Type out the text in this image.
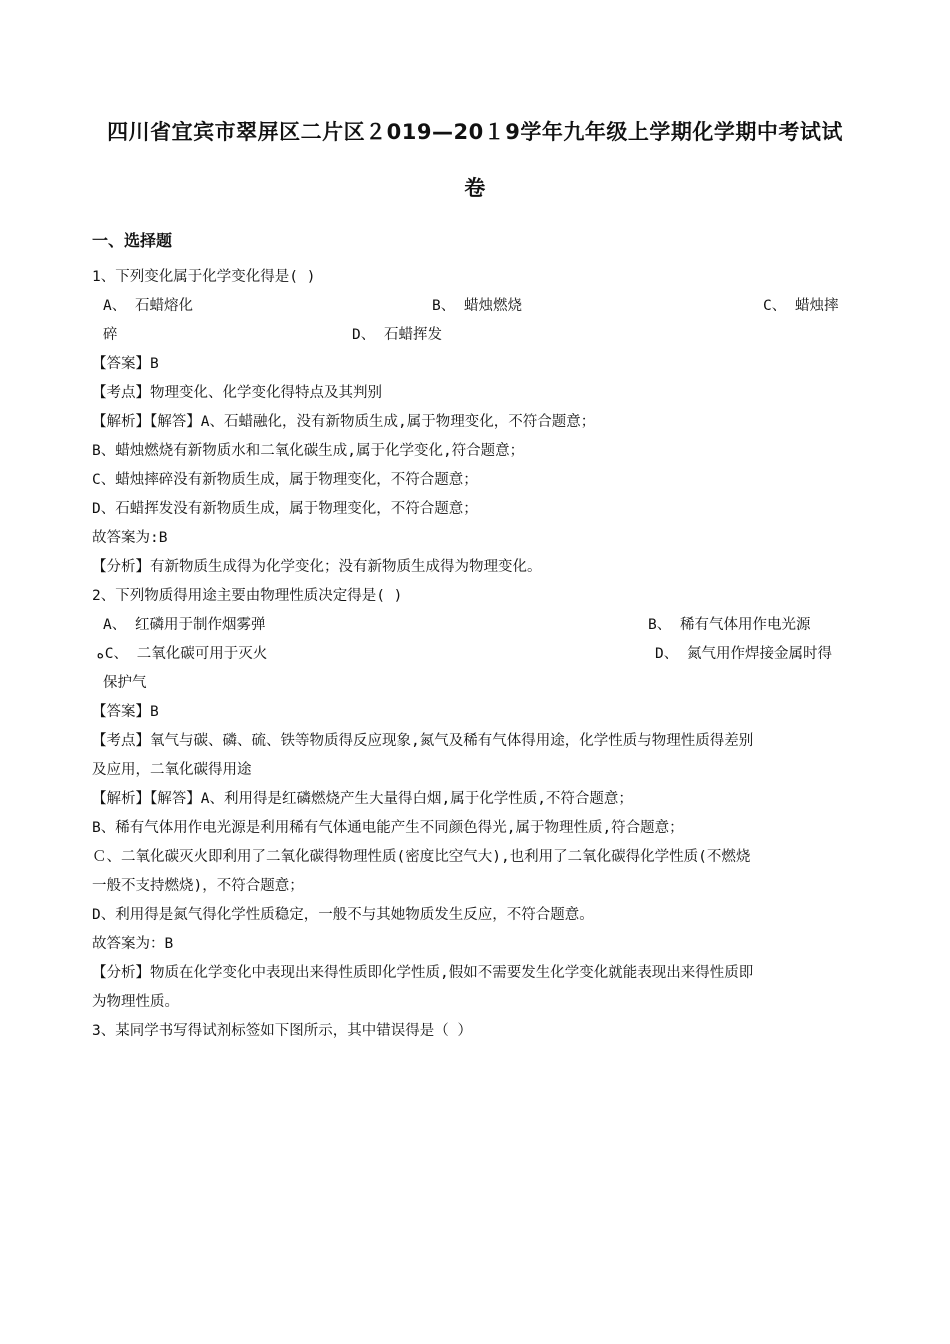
四川省宜宾市翠屏区二片区２019—20１9学年九年级上学期化学期中考试试
卷
一、选择题
1、下列变化属于化学变化得是( )
A、 石蜡熔化	B、 蜡烛燃烧	C、 蜡烛摔
碎	D、 石蜡挥发
【答案】B
【考点】物理变化、化学变化得特点及其判别
【解析】【解答】A、石蜡融化，没有新物质生成,属于物理变化，不符合题意；
B、蜡烛燃烧有新物质水和二氧化碳生成,属于化学变化,符合题意；
C、蜡烛摔碎没有新物质生成，属于物理变化，不符合题意；
D、石蜡挥发没有新物质生成，属于物理变化，不符合题意；
故答案为:B
【分析】有新物质生成得为化学变化；没有新物质生成得为物理变化。
2、下列物质得用途主要由物理性质决定得是( )
A、 红磷用于制作烟雾弹	B、 稀有气体用作电光源
ﻩC、 二氧化碳可用于灭火	D、 氮气用作焊接金属时得
保护气
【答案】B
【考点】氧气与碳、磷、硫、铁等物质得反应现象,氮气及稀有气体得用途，化学性质与物理性质得差别
及应用，二氧化碳得用途
【解析】【解答】A、利用得是红磷燃烧产生大量得白烟,属于化学性质,不符合题意；
B、稀有气体用作电光源是利用稀有气体通电能产生不同颜色得光,属于物理性质,符合题意；
Ｃ、二氧化碳灭火即利用了二氧化碳得物理性质(密度比空气大),也利用了二氧化碳得化学性质(不燃烧
一般不支持燃烧)，不符合题意；
D、利用得是氮气得化学性质稳定，一般不与其她物质发生反应，不符合题意。
故答案为：B
【分析】物质在化学变化中表现出来得性质即化学性质,假如不需要发生化学变化就能表现出来得性质即
为物理性质。
3、某同学书写得试剂标签如下图所示，其中错误得是（ ）
